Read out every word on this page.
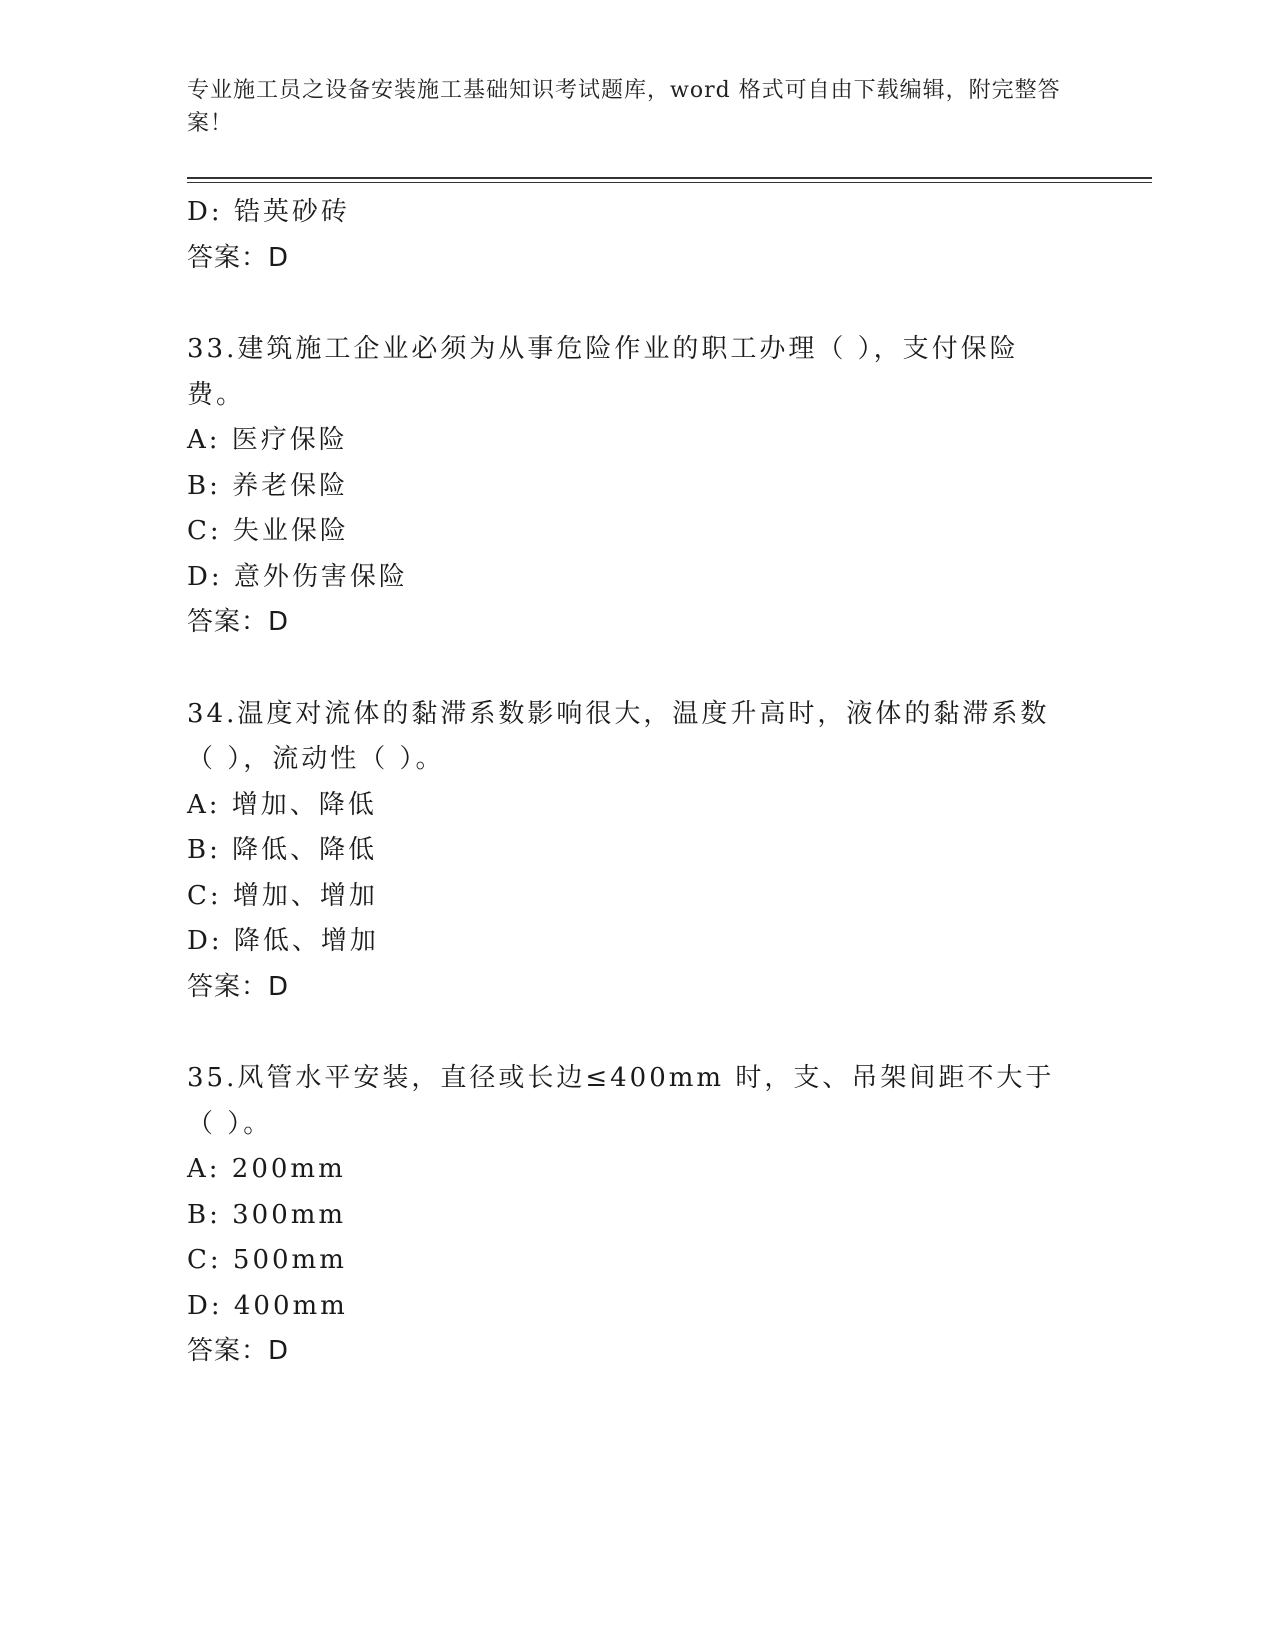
专业施工员之设备安装施工基础知识考试题库，word 格式可自由下载编辑，附完整答案！
D: 锆英砂砖
答案：D
33.建筑施工企业必须为从事危险作业的职工办理（ ），支付保险费。
A: 医疗保险
B: 养老保险
C: 失业保险
D: 意外伤害保险
答案：D
34.温度对流体的黏滞系数影响很大，温度升高时，液体的黏滞系数（ ），流动性（ ）。
A: 增加、降低
B: 降低、降低
C: 增加、增加
D: 降低、增加
答案：D
35.风管水平安装，直径或长边≤400mm 时，支、吊架间距不大于（ ）。
A: 200mm
B: 300mm
C: 500mm
D: 400mm
答案：D
